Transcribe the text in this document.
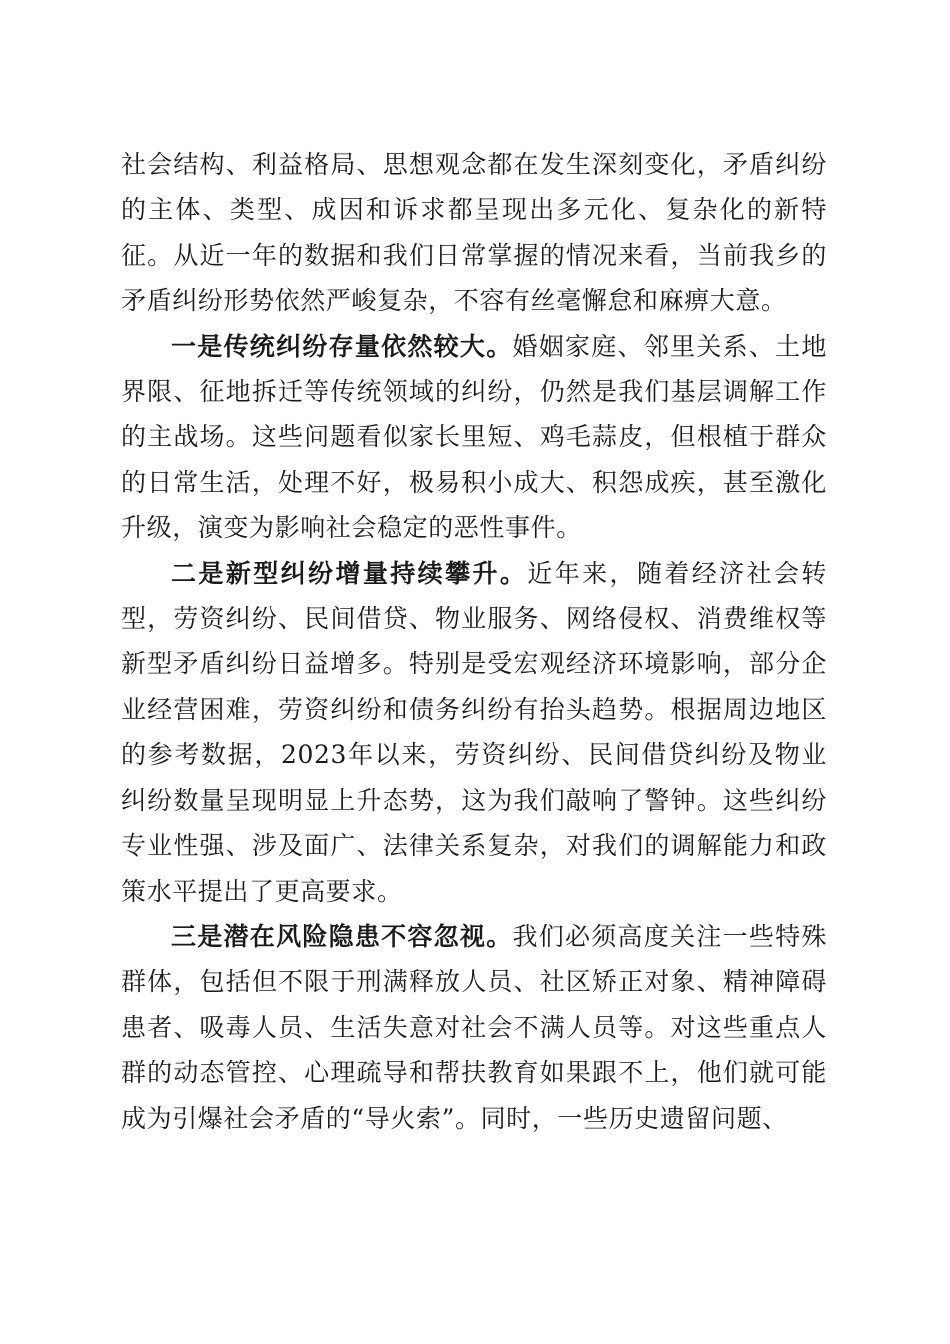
社会结构、利益格局、思想观念都在发生深刻变化，矛盾纠纷的主体、类型、成因和诉求都呈现出多元化、复杂化的新特征。从近一年的数据和我们日常掌握的情况来看，当前我乡的矛盾纠纷形势依然严峻复杂，不容有丝毫懈怠和麻痹大意。

一是传统纠纷存量依然较大。婚姻家庭、邻里关系、土地界限、征地拆迁等传统领域的纠纷，仍然是我们基层调解工作的主战场。这些问题看似家长里短、鸡毛蒜皮，但根植于群众的日常生活，处理不好，极易积小成大、积怨成疾，甚至激化升级，演变为影响社会稳定的恶性事件。

二是新型纠纷增量持续攀升。近年来，随着经济社会转型，劳资纠纷、民间借贷、物业服务、网络侵权、消费维权等新型矛盾纠纷日益增多。特别是受宏观经济环境影响，部分企业经营困难，劳资纠纷和债务纠纷有抬头趋势。根据周边地区的参考数据，2023年以来，劳资纠纷、民间借贷纠纷及物业纠纷数量呈现明显上升态势，这为我们敲响了警钟。这些纠纷专业性强、涉及面广、法律关系复杂，对我们的调解能力和政策水平提出了更高要求。

三是潜在风险隐患不容忽视。我们必须高度关注一些特殊群体，包括但不限于刑满释放人员、社区矫正对象、精神障碍患者、吸毒人员、生活失意对社会不满人员等。对这些重点人群的动态管控、心理疏导和帮扶教育如果跟不上，他们就可能成为引爆社会矛盾的“导火索”。同时，一些历史遗留问题、
